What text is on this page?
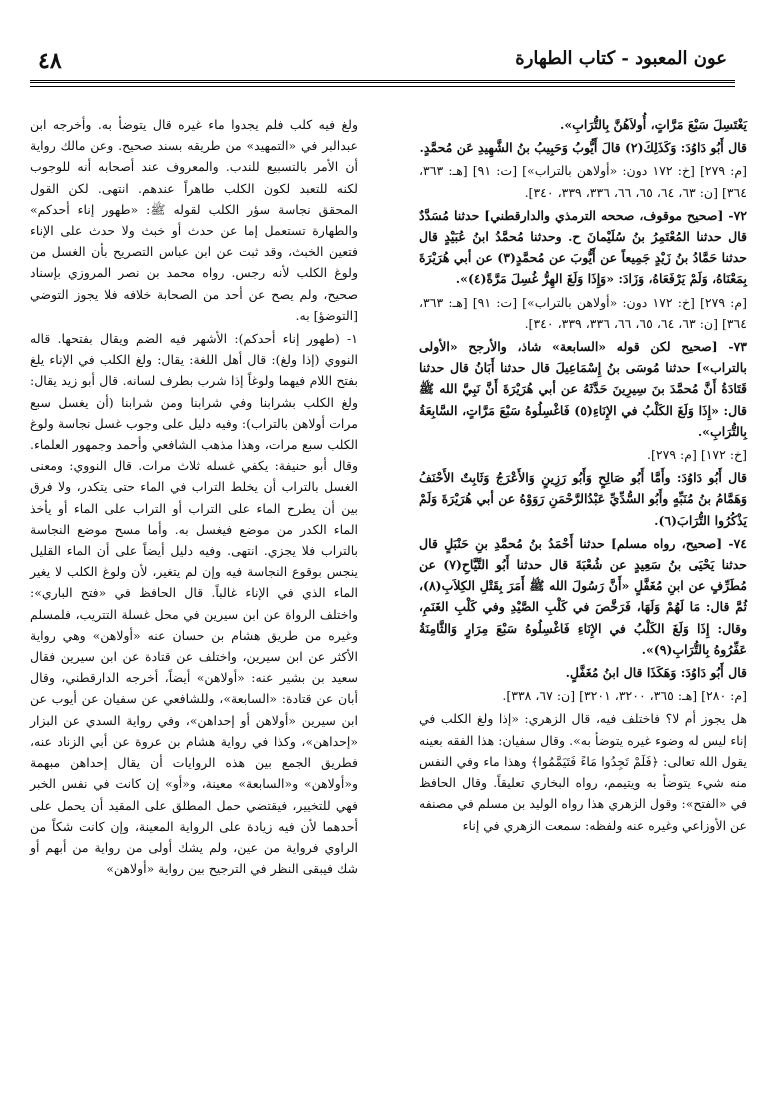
عون المعبود - كتاب الطهارة
٤٨

يَغْتَسِلَ سَبْعَ مَرَّاتٍ، أُولاَهُنَّ بِالتُّرَابِ».

قال أَبُو دَاوُدَ: وَكَذَلِكَ(٢) قالَ أَيُّوبُ وَحَبِيبُ بنُ الشَّهِيدِ عَن مُحمَّدٍ.

[م: ٢٧٩] [خ: ١٧٢ دون: «أولاهن بالتراب»] [ت: ٩١] [هـ: ٣٦٣، ٣٦٤] [ن: ٦٣، ٦٤، ٦٥، ٦٦، ٣٣٦، ٣٣٩، ٣٤٠].

٧٢- [صحيح موقوف، صححه الترمذي والدارقطني] حدثنا مُسَدَّدٌ قال حدثنا المُعْتَمِرُ بنُ سُلَيْمانَ ح. وحدثنا مُحمَّدُ ابنُ عُبَيْدٍ قال حدثنا حَمَّادُ بنُ زَيْدٍ جَمِيعاً عن أَيُّوبَ عن مُحمَّدٍ(٣) عن أبي هُرَيْرَةَ بِمَعْنَاهُ، وَلَمْ يَرْفَعَاهُ، وَزَادَ: «وَإِذَا وَلَغَ الهِرُّ غُسِلَ مَرَّةً(٤)».

[م: ٢٧٩] [خ: ١٧٢ دون: «أولاهن بالتراب»] [ت: ٩١] [هـ: ٣٦٣، ٣٦٤] [ن: ٦٣، ٦٤، ٦٥، ٦٦، ٣٣٦، ٣٣٩، ٣٤٠].

٧٣- [صحيح لكن قوله «السابعة» شاذ، والأرجح «الأولى بالتراب»] حدثنا مُوسَى بنُ إِسْمَاعِيلَ قال حدثنا أَبَانُ قال حدثنا قَتَادَةُ أَنَّ مُحمَّدَ بنَ سِيرِينَ حَدَّثَهُ عن أبي هُرَيْرَةَ أَنَّ نَبِيَّ الله ﷺ قال: «إِذَا وَلَغَ الكَلْبُ في الإِنَاءِ(٥) فَاغْسِلُوهُ سَبْعَ مَرَّاتٍ، السَّابِعَةُ بِالتُّرَابِ».

[خ: ١٧٢] [م: ٢٧٩].

قال أَبُو دَاوُدَ: وأَمَّا أَبُو صَالِحٍ وَأَبُو رَزِينٍ وَالأَعْرَجُ وَثَابِتٌ الأَحْنَفُ وَهَمَّامُ بنُ مُنَبِّهٍ وأَبُو السُّدِّيِّ عَبْدُالرَّحْمَنِ رَوَوْهُ عن أبي هُرَيْرَةَ وَلَمْ يَذْكُرُوا التُّرَابَ(٦).

٧٤- [صحيح، رواه مسلم] حدثنا أَحْمَدُ بنُ مُحمَّدِ بنِ حَنْبَلٍ قال حدثنا يَحْيَى بنُ سَعِيدٍ عن شُعْبَةَ قال حدثنا أَبُو التَّيَّاحِ(٧) عن مُطَرِّفٍ عن ابنِ مُغَفَّلٍ «أَنَّ رَسُولَ الله ﷺ أَمَرَ بِقَتْلِ الكِلاَبِ(٨)، ثُمَّ قال: مَا لَهُمْ وَلَهَا، فَرَخَّصَ في كَلْبِ الصَّيْدِ وفي كَلْبِ الغَنَمِ، وقال: إِذَا وَلَغَ الكَلْبُ في الإِنَاءِ فَاغْسِلُوهُ سَبْعَ مِرَارٍ وَالثَّامِنَةُ عَفِّرُوهُ بِالتُّرَابِ(٩)».

قال أَبُو دَاوُدَ: وَهَكَذَا قال ابنُ مُغَفَّلٍ.

[م: ٢٨٠] [هـ: ٣٦٥، ٣٢٠٠، ٣٢٠١] [ن: ٦٧، ٣٣٨].

هل يجوز أم لا؟ فاختلف فيه، قال الزهري: «إذا ولغ الكلب في إناء ليس له وضوء غيره يتوضأ به». وقال سفيان: هذا الفقه بعينه يقول الله تعالى: ﴿فَلَمْ تَجِدُوا مَاءً فَتَيَمَّمُوا﴾ وهذا ماء وفي النفس منه شيء يتوضأ به ويتيمم، رواه البخاري تعليقاً. وقال الحافظ في «الفتح»: وقول الزهري هذا رواه الوليد بن مسلم في مصنفه عن الأوزاعي وغيره عنه ولفظه: سمعت الزهري في إناء

ولغ فيه كلب فلم يجدوا ماء غيره قال يتوضأ به. وأخرجه ابن عبدالبر في «التمهيد» من طريقه بسند صحيح. وعن مالك رواية أن الأمر بالتسبيع للندب. والمعروف عند أصحابه أنه للوجوب لكنه للتعبد لكون الكلب طاهراً عندهم. انتهى. لكن القول المحقق نجاسة سؤر الكلب لقوله ﷺ: «طهور إناء أحدكم» والطهارة تستعمل إما عن حدث أو خبث ولا حدث على الإناء فتعين الخبث، وقد ثبت عن ابن عباس التصريح بأن الغسل من ولوغ الكلب لأنه رجس. رواه محمد بن نصر المروزي بإسناد صحيح، ولم يصح عن أحد من الصحابة خلافه فلا يجوز التوضي [التوضؤ] به.

١- (طهور إناء أحدكم): الأشهر فيه الضم ويقال بفتحها. قاله النووي (إذا ولغ): قال أهل اللغة: يقال: ولغ الكلب في الإناء يلغ بفتح اللام فيهما ولوغاً إذا شرب بطرف لسانه. قال أبو زيد يقال: ولغ الكلب بشرابنا وفي شرابنا ومن شرابنا (أن يغسل سبع مرات أولاهن بالتراب): وفيه دليل على وجوب غسل نجاسة ولوغ الكلب سبع مرات، وهذا مذهب الشافعي وأحمد وجمهور العلماء. وقال أبو حنيفة: يكفي غسله ثلاث مرات. قال النووي: ومعنى الغسل بالتراب أن يخلط التراب في الماء حتى يتكدر، ولا فرق بين أن يطرح الماء على التراب أو التراب على الماء أو يأخذ الماء الكدر من موضع فيغسل به. وأما مسح موضع النجاسة بالتراب فلا يجزي. انتهى. وفيه دليل أيضاً على أن الماء القليل ينجس بوقوع النجاسة فيه وإن لم يتغير، لأن ولوغ الكلب لا يغير الماء الذي في الإناء غالباً. قال الحافظ في «فتح الباري»: واختلف الرواة عن ابن سيرين في محل غسلة التتريب، فلمسلم وغيره من طريق هشام بن حسان عنه «أولاهن» وهي رواية الأكثر عن ابن سيرين، واختلف عن قتادة عن ابن سيرين فقال سعيد بن بشير عنه: «أولاهن» أيضاً، أخرجه الدارقطني، وقال أبان عن قتادة: «السابعة»، وللشافعي عن سفيان عن أيوب عن ابن سيرين «أولاهن أو إحداهن»، وفي رواية السدي عن البزار «إحداهن»، وكذا في رواية هشام بن عروة عن أبي الزناد عنه، فطريق الجمع بين هذه الروايات أن يقال إحداهن مبهمة و«أولاهن» و«السابعة» معينة، و«أو» إن كانت في نفس الخبر فهي للتخيير، فيقتضي حمل المطلق على المقيد أن يحمل على أحدهما لأن فيه زيادة على الرواية المعينة، وإن كانت شكاً من الراوي فرواية من عين، ولم يشك أولى من رواية من أبهم أو شك فيبقى النظر في الترجيح بين رواية «أولاهن»
